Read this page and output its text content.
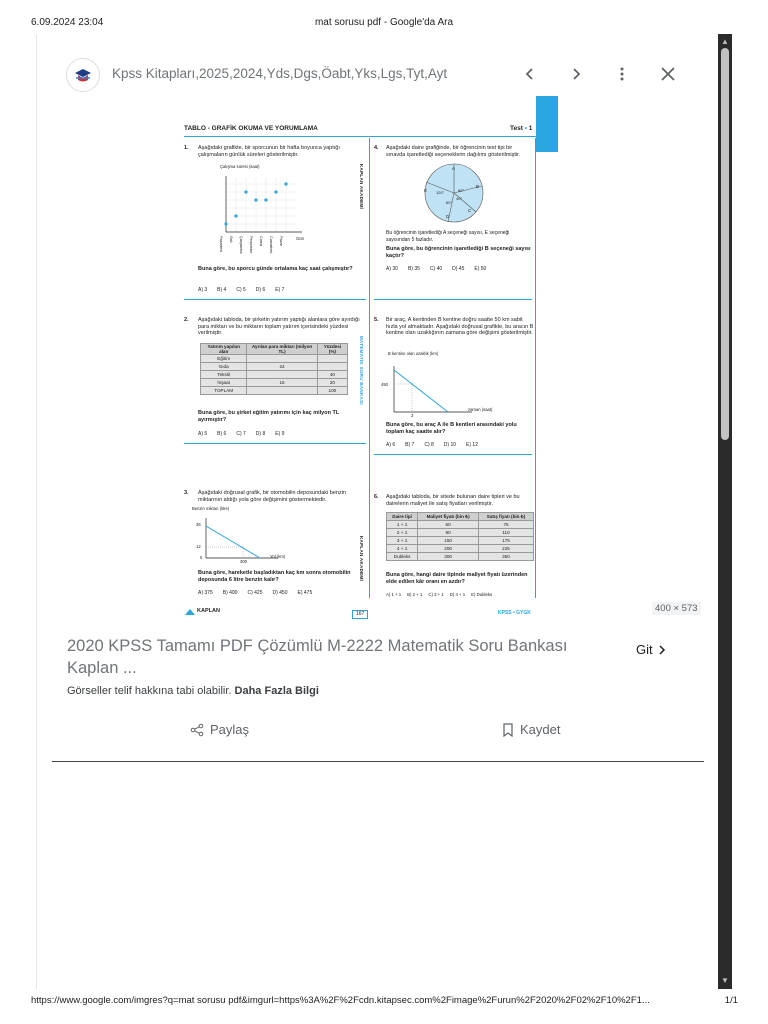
6.09.2024 23:04	mat sorusu pdf - Google'da Ara
▲
▼
Kpss Kitapları,2025,2024,Yds,Dgs,Öabt,Yks,Lgs,Tyt,Ayt
TABLO - GRAFİK OKUMA VE YORUMLAMA	Test • 1
KAPLAN AKADEMİ
MATEMATİK SORU BANKASI
KAPLAN AKADEMİ
1. Aşağıdaki grafikte, bir sporcunun bir hafta boyunca yaptığı çalışmaların günlük süreleri gösterilmiştir.
Çalışma süresi (saat)
Gün
Pazartesi	Salı	Çarşamba	Perşembe	Cuma	Cumartesi	Pazar
Buna göre, bu sporcu günde ortalama kaç saat çalışmıştır?
A) 3 B) 4 C) 5 D) 6 E) 7
2. Aşağıdaki tabloda, bir şirketin yatırım yaptığı alanlara göre ayırdığı para miktarı ve bu miktarın toplam yatırım içerisindeki yüzdesi verilmiştir.
Yatırım yapılan alan	Ayrılan para miktarı (milyon TL)	Yüzdesi (%)
Eğitim		
Gıda	24	
Tekstil		40
İnşaat	16	20
TOPLAM		100
Buna göre, bu şirket eğitim yatırımı için kaç milyon TL ayırmıştır?
A) 5 B) 6 C) 7 D) 8 E) 9
3. Aşağıdaki doğrusal grafik, bir otomobilin deposundaki benzin miktarının aldığı yola göre değişimini göstermektedir.
Benzin miktarı (litre)
36
12
0
300
Yol (km)
Buna göre, hareketle başladıktan kaç km sonra otomobilin deposunda 6 litre benzin kalır?
A) 375 B) 400 C) 425 D) 450 E) 475
4. Aşağıdaki daire grafiğinde, bir öğrencinin test tipi bir sınavda işaretlediği seçeneklerin dağılımı gösterilmiştir.
A
B
C
D
E 120°	80°
40°
60°
Bu öğrencinin işaretlediği A seçeneği sayısı, E seçeneği sayısından 5 fazladır.
Buna göre, bu öğrencinin işaretlediği B seçeneği sayısı kaçtır?
A) 30 B) 35 C) 40 D) 45 E) 50
5. Bir araç, A kentinden B kentine doğru saatte 50 km sabit hızla yol almaktadır. Aşağıdaki doğrusal grafikte, bu aracın B kentine olan uzaklığının zamana göre değişimi gösterilmiştir.
B kentine olan uzaklık (km)
450
3
zaman (saat)
Buna göre, bu araç A ile B kentleri arasındaki yolu toplam kaç saatte alır?
A) 6 B) 7 C) 8 D) 10 E) 12
6. Aşağıdaki tabloda, bir sitede bulunan daire tipleri ve bu dairelerin maliyet ile satış fiyatları verilmiştir.
Daire tipi	Maliyet fiyatı (bin ₺)	Satış fiyatı (bin ₺)
1 + 1	60	75
2 + 1	90	110
3 + 1	150	175
4 + 1	200	225
Dubleks	300	350
Buna göre, hangi daire tipinde maliyet fiyatı üzerinden elde edilen kâr oranı en azdır?
A) 1 + 1 B) 2 + 1 C) 3 + 1 D) 4 + 1 E) Dubleks
KAPLAN	167	KPSS • GYGK	400 × 573
2020 KPSS Tamamı PDF Çözümlü M-2222 Matematik Soru Bankası Kaplan ...
Git
Görseller telif hakkına tabi olabilir. Daha Fazla Bilgi
Paylaş	Kaydet
https://www.google.com/imgres?q=mat sorusu pdf&imgurl=https%3A%2F%2Fcdn.kitapsec.com%2Fimage%2Furun%2F2020%2F02%2F10%2F1...	1/1
